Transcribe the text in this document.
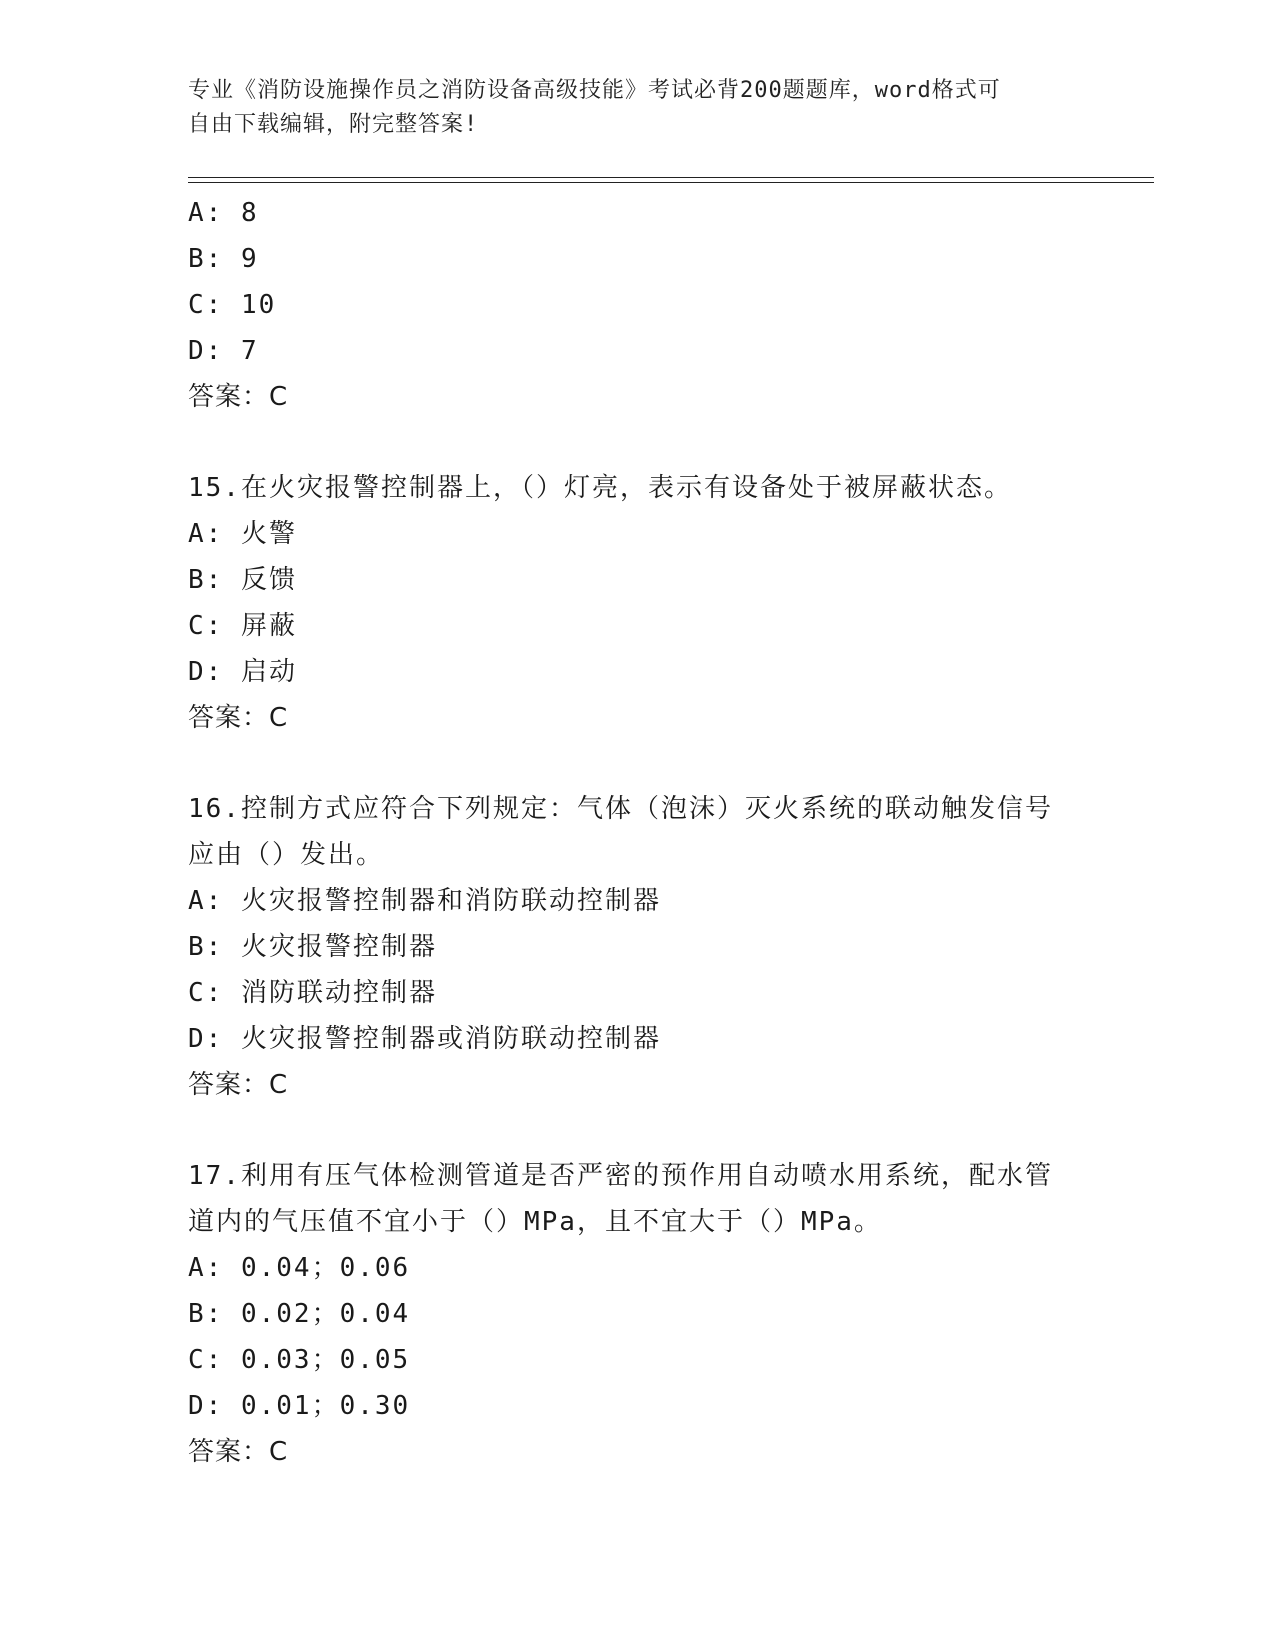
专业《消防设施操作员之消防设备高级技能》考试必背200题题库，word格式可

自由下载编辑，附完整答案!

A: 8
B: 9
C: 10
D: 7
答案：C
15.在火灾报警控制器上，（）灯亮，表示有设备处于被屏蔽状态。
A: 火警
B: 反馈
C: 屏蔽
D: 启动
答案：C
16.控制方式应符合下列规定：气体（泡沫）灭火系统的联动触发信号
应由（）发出。
A: 火灾报警控制器和消防联动控制器
B: 火灾报警控制器
C: 消防联动控制器
D: 火灾报警控制器或消防联动控制器
答案：C
17.利用有压气体检测管道是否严密的预作用自动喷水用系统，配水管
道内的气压值不宜小于（）MPa，且不宜大于（）MPa。
A: 0.04；0.06
B: 0.02；0.04
C: 0.03；0.05
D: 0.01；0.30
答案：C
